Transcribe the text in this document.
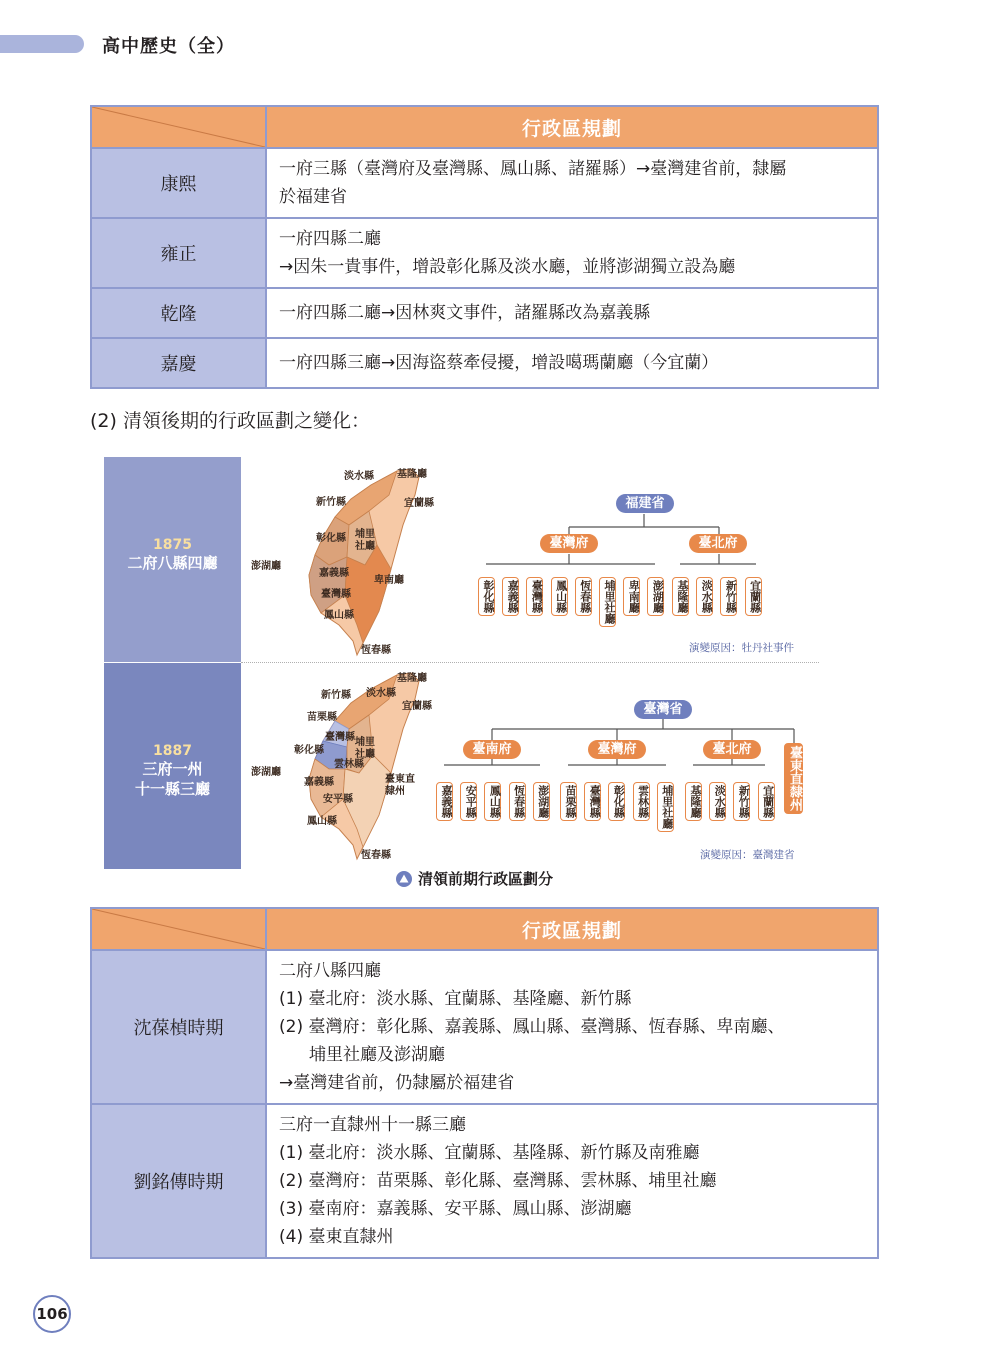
高中歷史（全）
	行政區規劃
康熙	一府三縣（臺灣府及臺灣縣、鳳山縣、諸羅縣）→臺灣建省前，隸屬
於福建省

雍正	一府四縣二廳
→因朱一貴事件，增設彰化縣及淡水廳，並將澎湖獨立設為廳

乾隆	一府四縣二廳→因林爽文事件，諸羅縣改為嘉義縣

嘉慶	一府四縣三廳→因海盜蔡牽侵擾，增設噶瑪蘭廳（今宜蘭）
(2) 清領後期的行政區劃之變化：
1875
二府八縣四廳
1887
三府一州
十一縣三廳
淡水縣 基隆廳
新竹縣	宜蘭縣
彰化縣 埔里社廳
澎湖廳
嘉義縣
臺灣縣
卑南廳
鳳山縣
恆春縣
福建省
臺灣府	臺北府
演變原因：牡丹社事件
基隆廳
新竹縣 淡水縣
宜蘭縣
苗栗縣
臺灣縣
彰化縣
埔里社廳
雲林縣
澎湖廳
嘉義縣	臺東直隸州
安平縣
鳳山縣
恆春縣
臺灣省
臺南府	臺灣府	臺北府	臺東直隸州
演變原因：臺灣建省
彰化縣	嘉義縣	臺灣縣	鳳山縣	恆春縣	埔里社廳	卑南廳	澎湖廳	基隆廳	淡水縣	新竹縣	宜蘭縣
嘉義縣	安平縣	鳳山縣	恆春縣	澎湖廳	苗栗縣	臺灣縣	彰化縣	雲林縣	埔里社廳	基隆廳	淡水縣	新竹縣	宜蘭縣
清領前期行政區劃分
	行政區規劃
沈葆楨時期	二府八縣四廳
(1) 臺北府：淡水縣、宜蘭縣、基隆廳、新竹縣
(2) 臺灣府：彰化縣、嘉義縣、鳳山縣、臺灣縣、恆春縣、卑南廳、
埔里社廳及澎湖廳
→臺灣建省前，仍隸屬於福建省

劉銘傳時期	三府一直隸州十一縣三廳
(1) 臺北府：淡水縣、宜蘭縣、基隆縣、新竹縣及南雅廳
(2) 臺灣府：苗栗縣、彰化縣、臺灣縣、雲林縣、埔里社廳
(3) 臺南府：嘉義縣、安平縣、鳳山縣、澎湖廳
(4) 臺東直隸州
106
